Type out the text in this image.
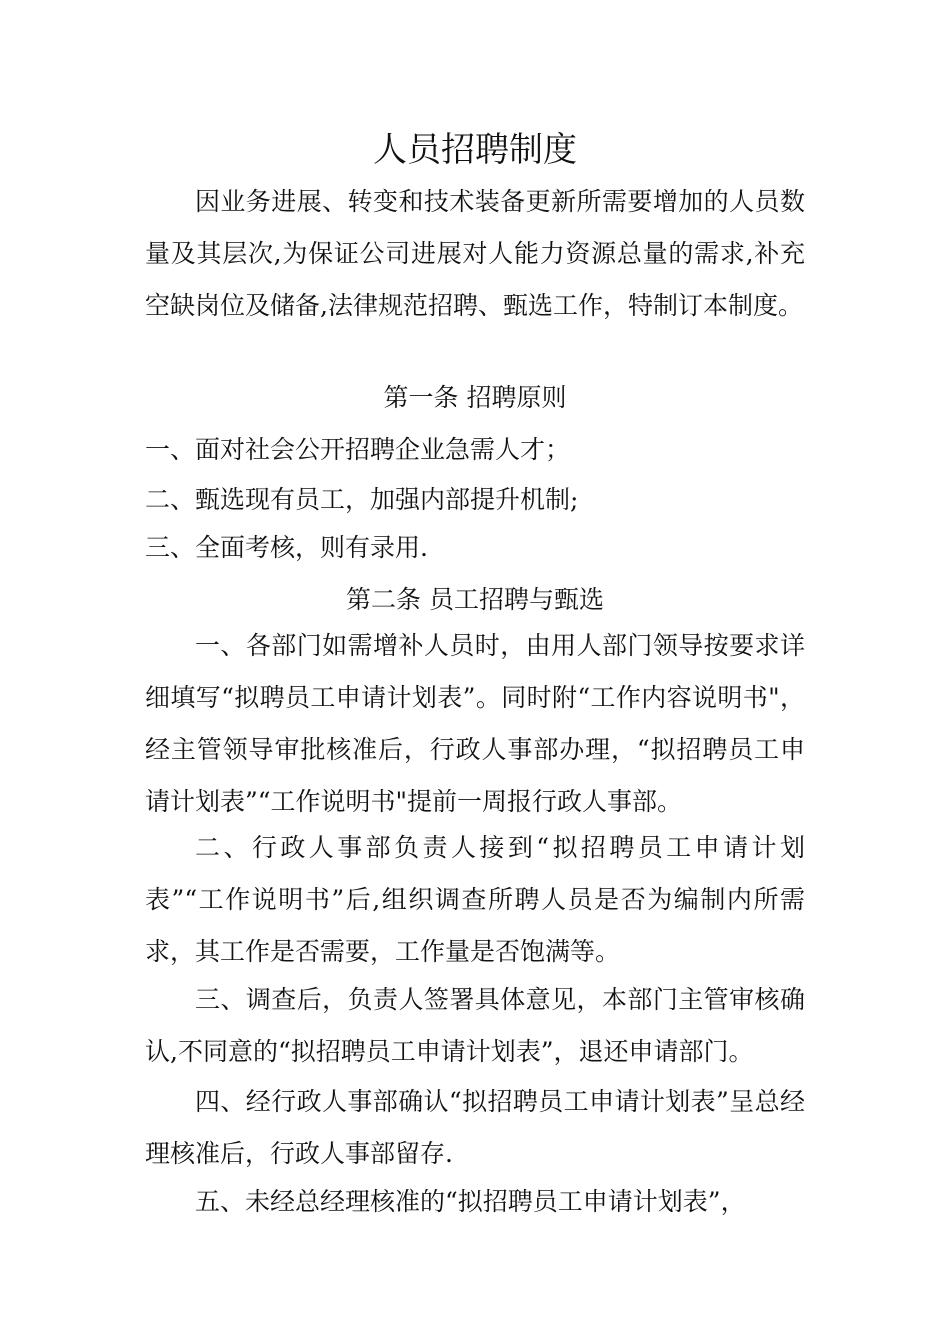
人员招聘制度

因业务进展、转变和技术装备更新所需要增加的人员数量及其层次,为保证公司进展对人能力资源总量的需求,补充空缺岗位及储备,法律规范招聘、甄选工作，特制订本制度。

第一条 招聘原则

一、面对社会公开招聘企业急需人才；

二、甄选现有员工，加强内部提升机制;

三、全面考核，则有录用.

第二条 员工招聘与甄选

一、各部门如需增补人员时，由用人部门领导按要求详细填写“拟聘员工申请计划表”。同时附“工作内容说明书"，经主管领导审批核准后，行政人事部办理，“拟招聘员工申请计划表”“工作说明书"提前一周报行政人事部。

二、行政人事部负责人接到“拟招聘员工申请计划表”“工作说明书”后,组织调查所聘人员是否为编制内所需求，其工作是否需要，工作量是否饱满等。

三、调查后，负责人签署具体意见，本部门主管审核确认,不同意的“拟招聘员工申请计划表”，退还申请部门。

四、经行政人事部确认“拟招聘员工申请计划表”呈总经理核准后，行政人事部留存.

五、未经总经理核准的“拟招聘员工申请计划表”，
